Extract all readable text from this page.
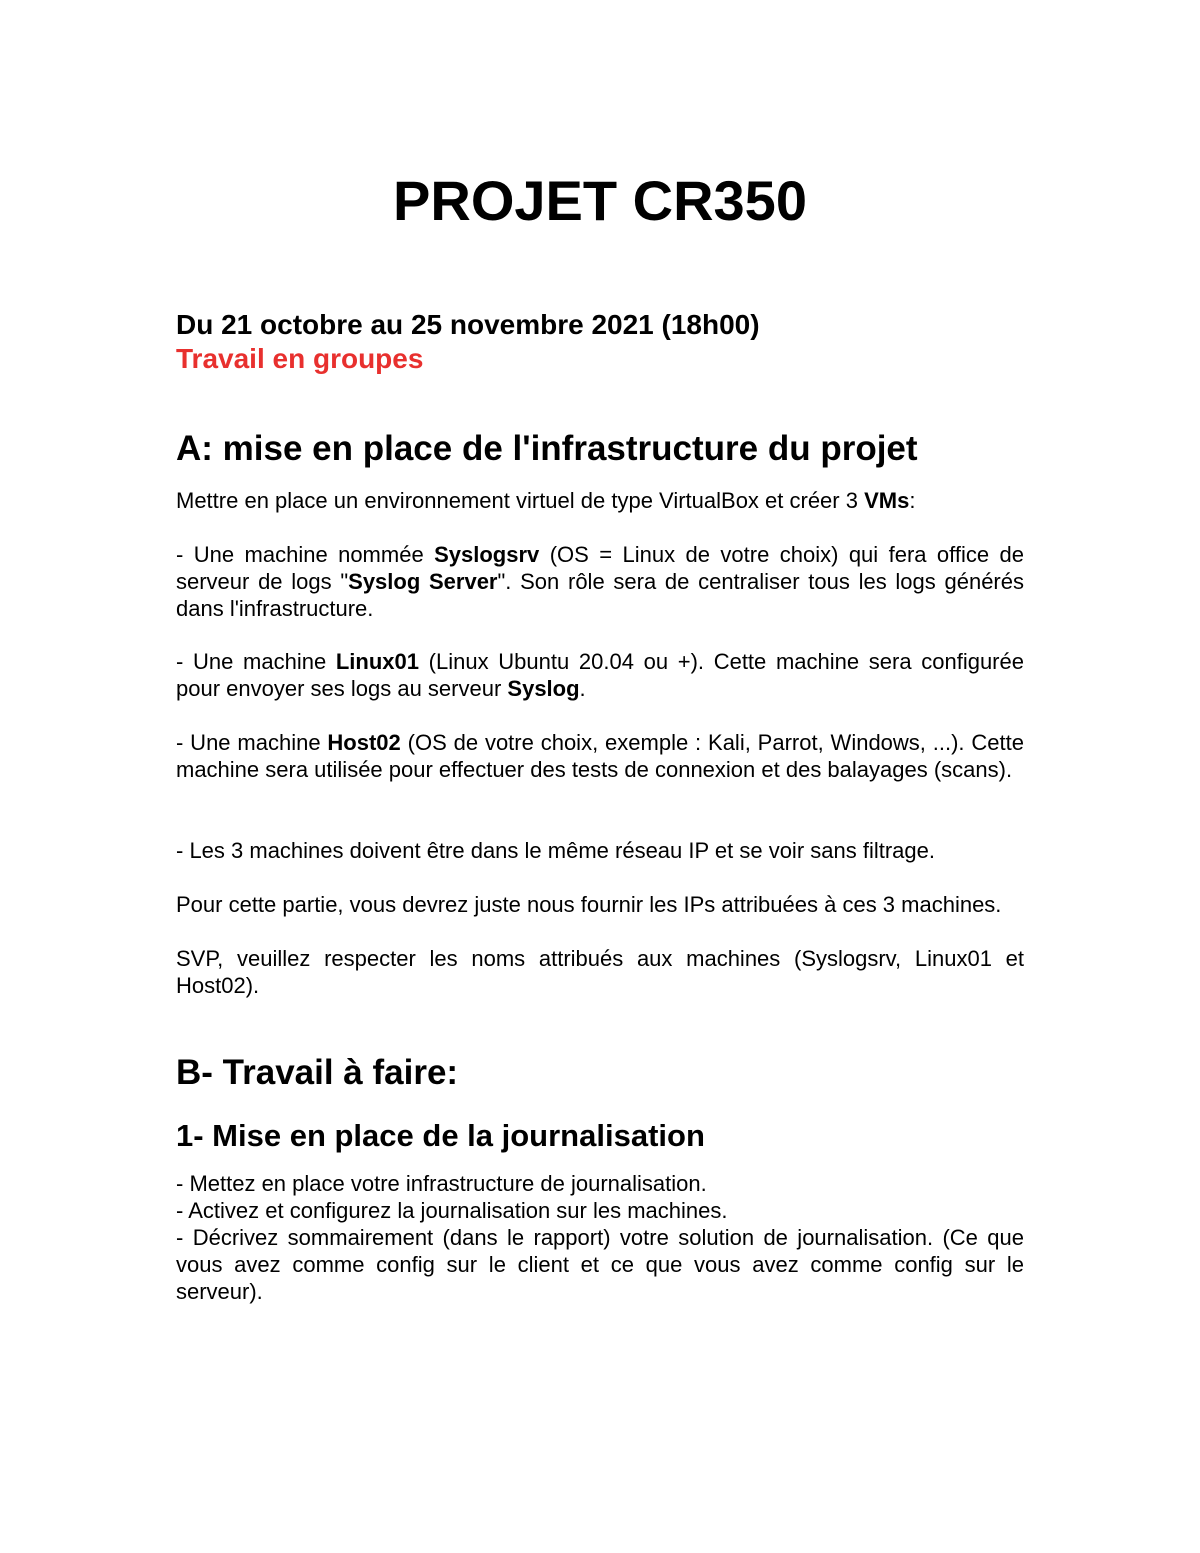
PROJET CR350

Du 21 octobre au 25 novembre 2021 (18h00)

Travail en groupes

A: mise en place de l'infrastructure du projet

Mettre en place un environnement virtuel de type VirtualBox et créer 3 VMs:

- Une machine nommée Syslogsrv (OS = Linux de votre choix) qui fera office de serveur de logs "Syslog Server". Son rôle sera de centraliser tous les logs générés dans l'infrastructure.

- Une machine Linux01 (Linux Ubuntu 20.04 ou +). Cette machine sera configurée pour envoyer ses logs au serveur Syslog.

- Une machine Host02 (OS de votre choix, exemple : Kali, Parrot, Windows, ...). Cette machine sera utilisée pour effectuer des tests de connexion et des balayages (scans).

- Les 3 machines doivent être dans le même réseau IP et se voir sans filtrage.

Pour cette partie, vous devrez juste nous fournir les IPs attribuées à ces 3 machines.

SVP, veuillez respecter les noms attribués aux machines (Syslogsrv, Linux01 et Host02).

B- Travail à faire:
1- Mise en place de la journalisation

- Mettez en place votre infrastructure de journalisation.

- Activez et configurez la journalisation sur les machines.

- Décrivez sommairement (dans le rapport) votre solution de journalisation. (Ce que vous avez comme config sur le client et ce que vous avez comme config sur le serveur).
